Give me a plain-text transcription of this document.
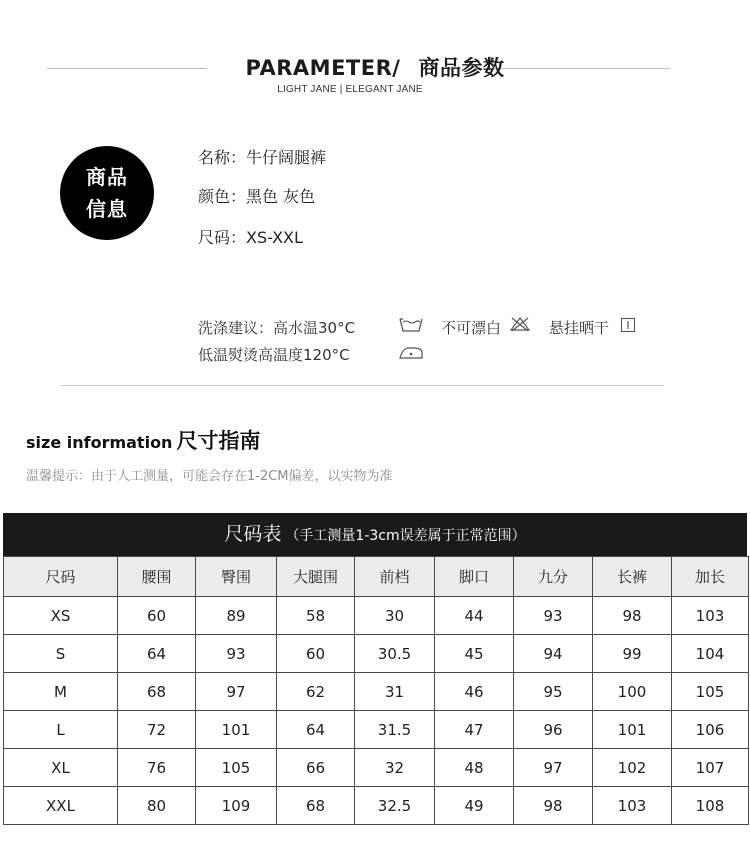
PARAMETER/ 商品参数
LIGHT JANE | ELEGANT JANE
商品
信息
名称：牛仔阔腿裤
颜色：黑色 灰色
尺码：XS-XXL
洗涤建议：高水温30°C	不可漂白	悬挂晒干
低温熨烫高温度120°C
size information 尺寸指南
温馨提示：由于人工测量，可能会存在1-2CM偏差，以实物为准
尺码表 （手工测量1-3cm误差属于正常范围）
尺码	腰围	臀围	大腿围	前档	脚口	九分	长裤	加长
XS	60	89	58	30	44	93	98	103
S	64	93	60	30.5	45	94	99	104
M	68	97	62	31	46	95	100	105
L	72	101	64	31.5	47	96	101	106
XL	76	105	66	32	48	97	102	107
XXL	80	109	68	32.5	49	98	103	108
